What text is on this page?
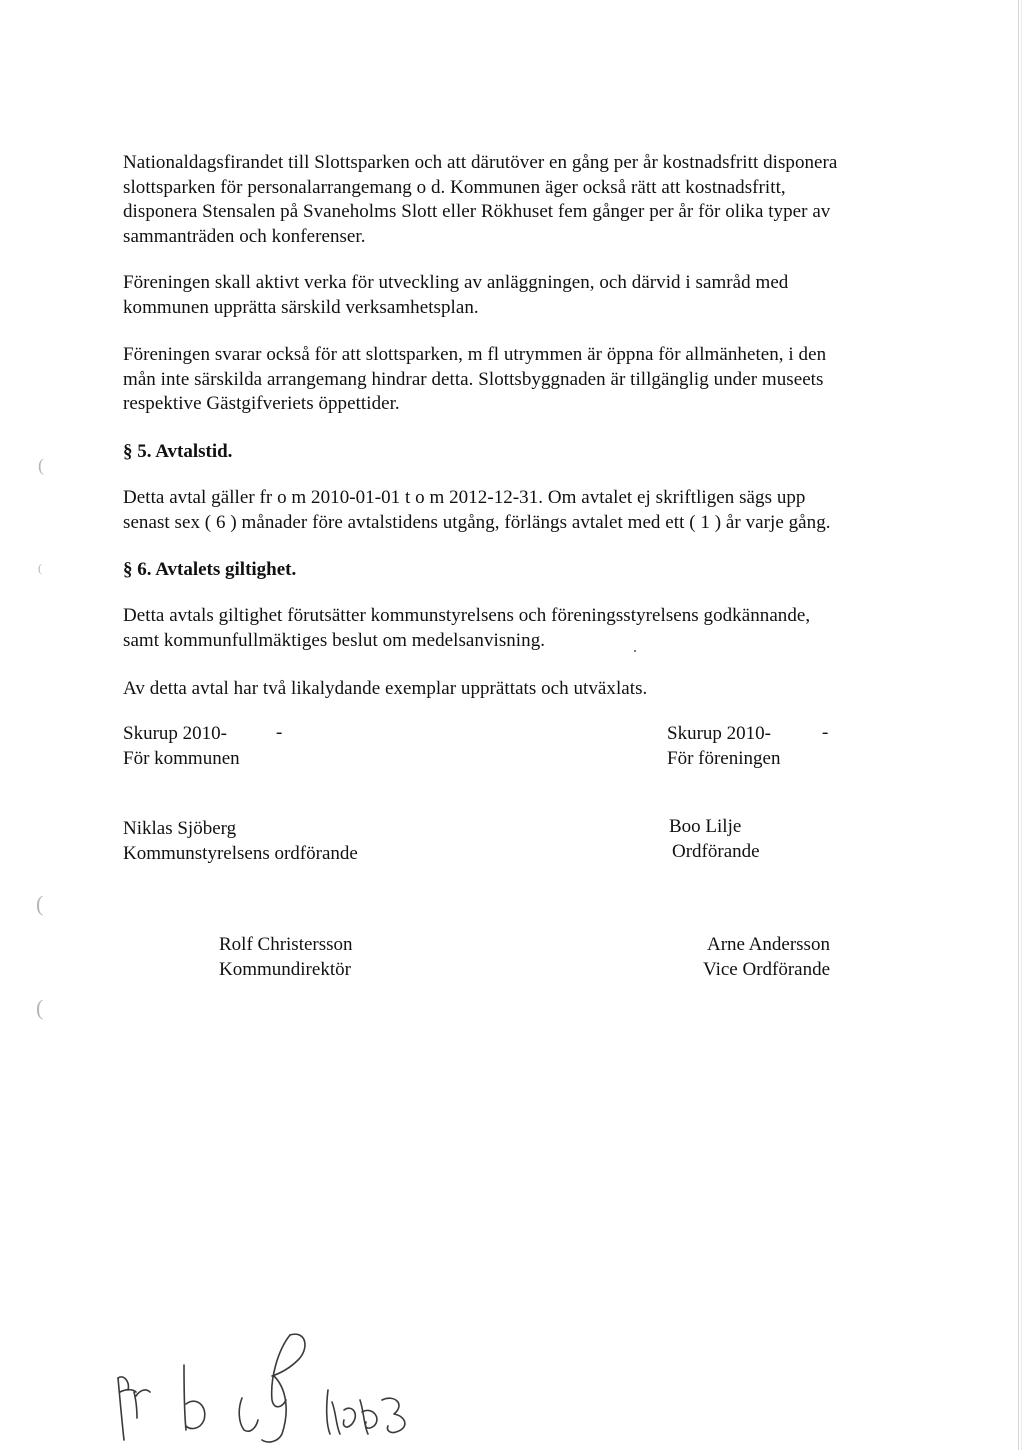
(
(
(
(
Nationaldagsfirandet till Slottsparken och att därutöver en gång per år kostnadsfritt disponera
slottsparken för personalarrangemang o d. Kommunen äger också rätt att kostnadsfritt,
disponera Stensalen på Svaneholms Slott eller Rökhuset fem gånger per år för olika typer av
sammanträden och konferenser.
Föreningen skall aktivt verka för utveckling av anläggningen, och därvid i samråd med
kommunen upprätta särskild verksamhetsplan.
Föreningen svarar också för att slottsparken, m fl utrymmen är öppna för allmänheten, i den
mån inte särskilda arrangemang hindrar detta. Slottsbyggnaden är tillgänglig under museets
respektive Gästgifveriets öppettider.
§ 5. Avtalstid.
Detta avtal gäller fr o m 2010-01-01 t o m 2012-12-31. Om avtalet ej skriftligen sägs upp
senast sex ( 6 ) månader före avtalstidens utgång, förlängs avtalet med ett ( 1 ) år varje gång.
§ 6. Avtalets giltighet.
Detta avtals giltighet förutsätter kommunstyrelsens och föreningsstyrelsens godkännande,
samt kommunfullmäktiges beslut om medelsanvisning.
Av detta avtal har två likalydande exemplar upprättats och utväxlats.
Skurup 2010-
För kommunen
-	Skurup 2010-
För föreningen
-
Niklas Sjöberg
Kommunstyrelsens ordförande
Boo Lilje
Ordförande
Rolf Christersson
Kommundirektör
Arne Andersson
Vice Ordförande
